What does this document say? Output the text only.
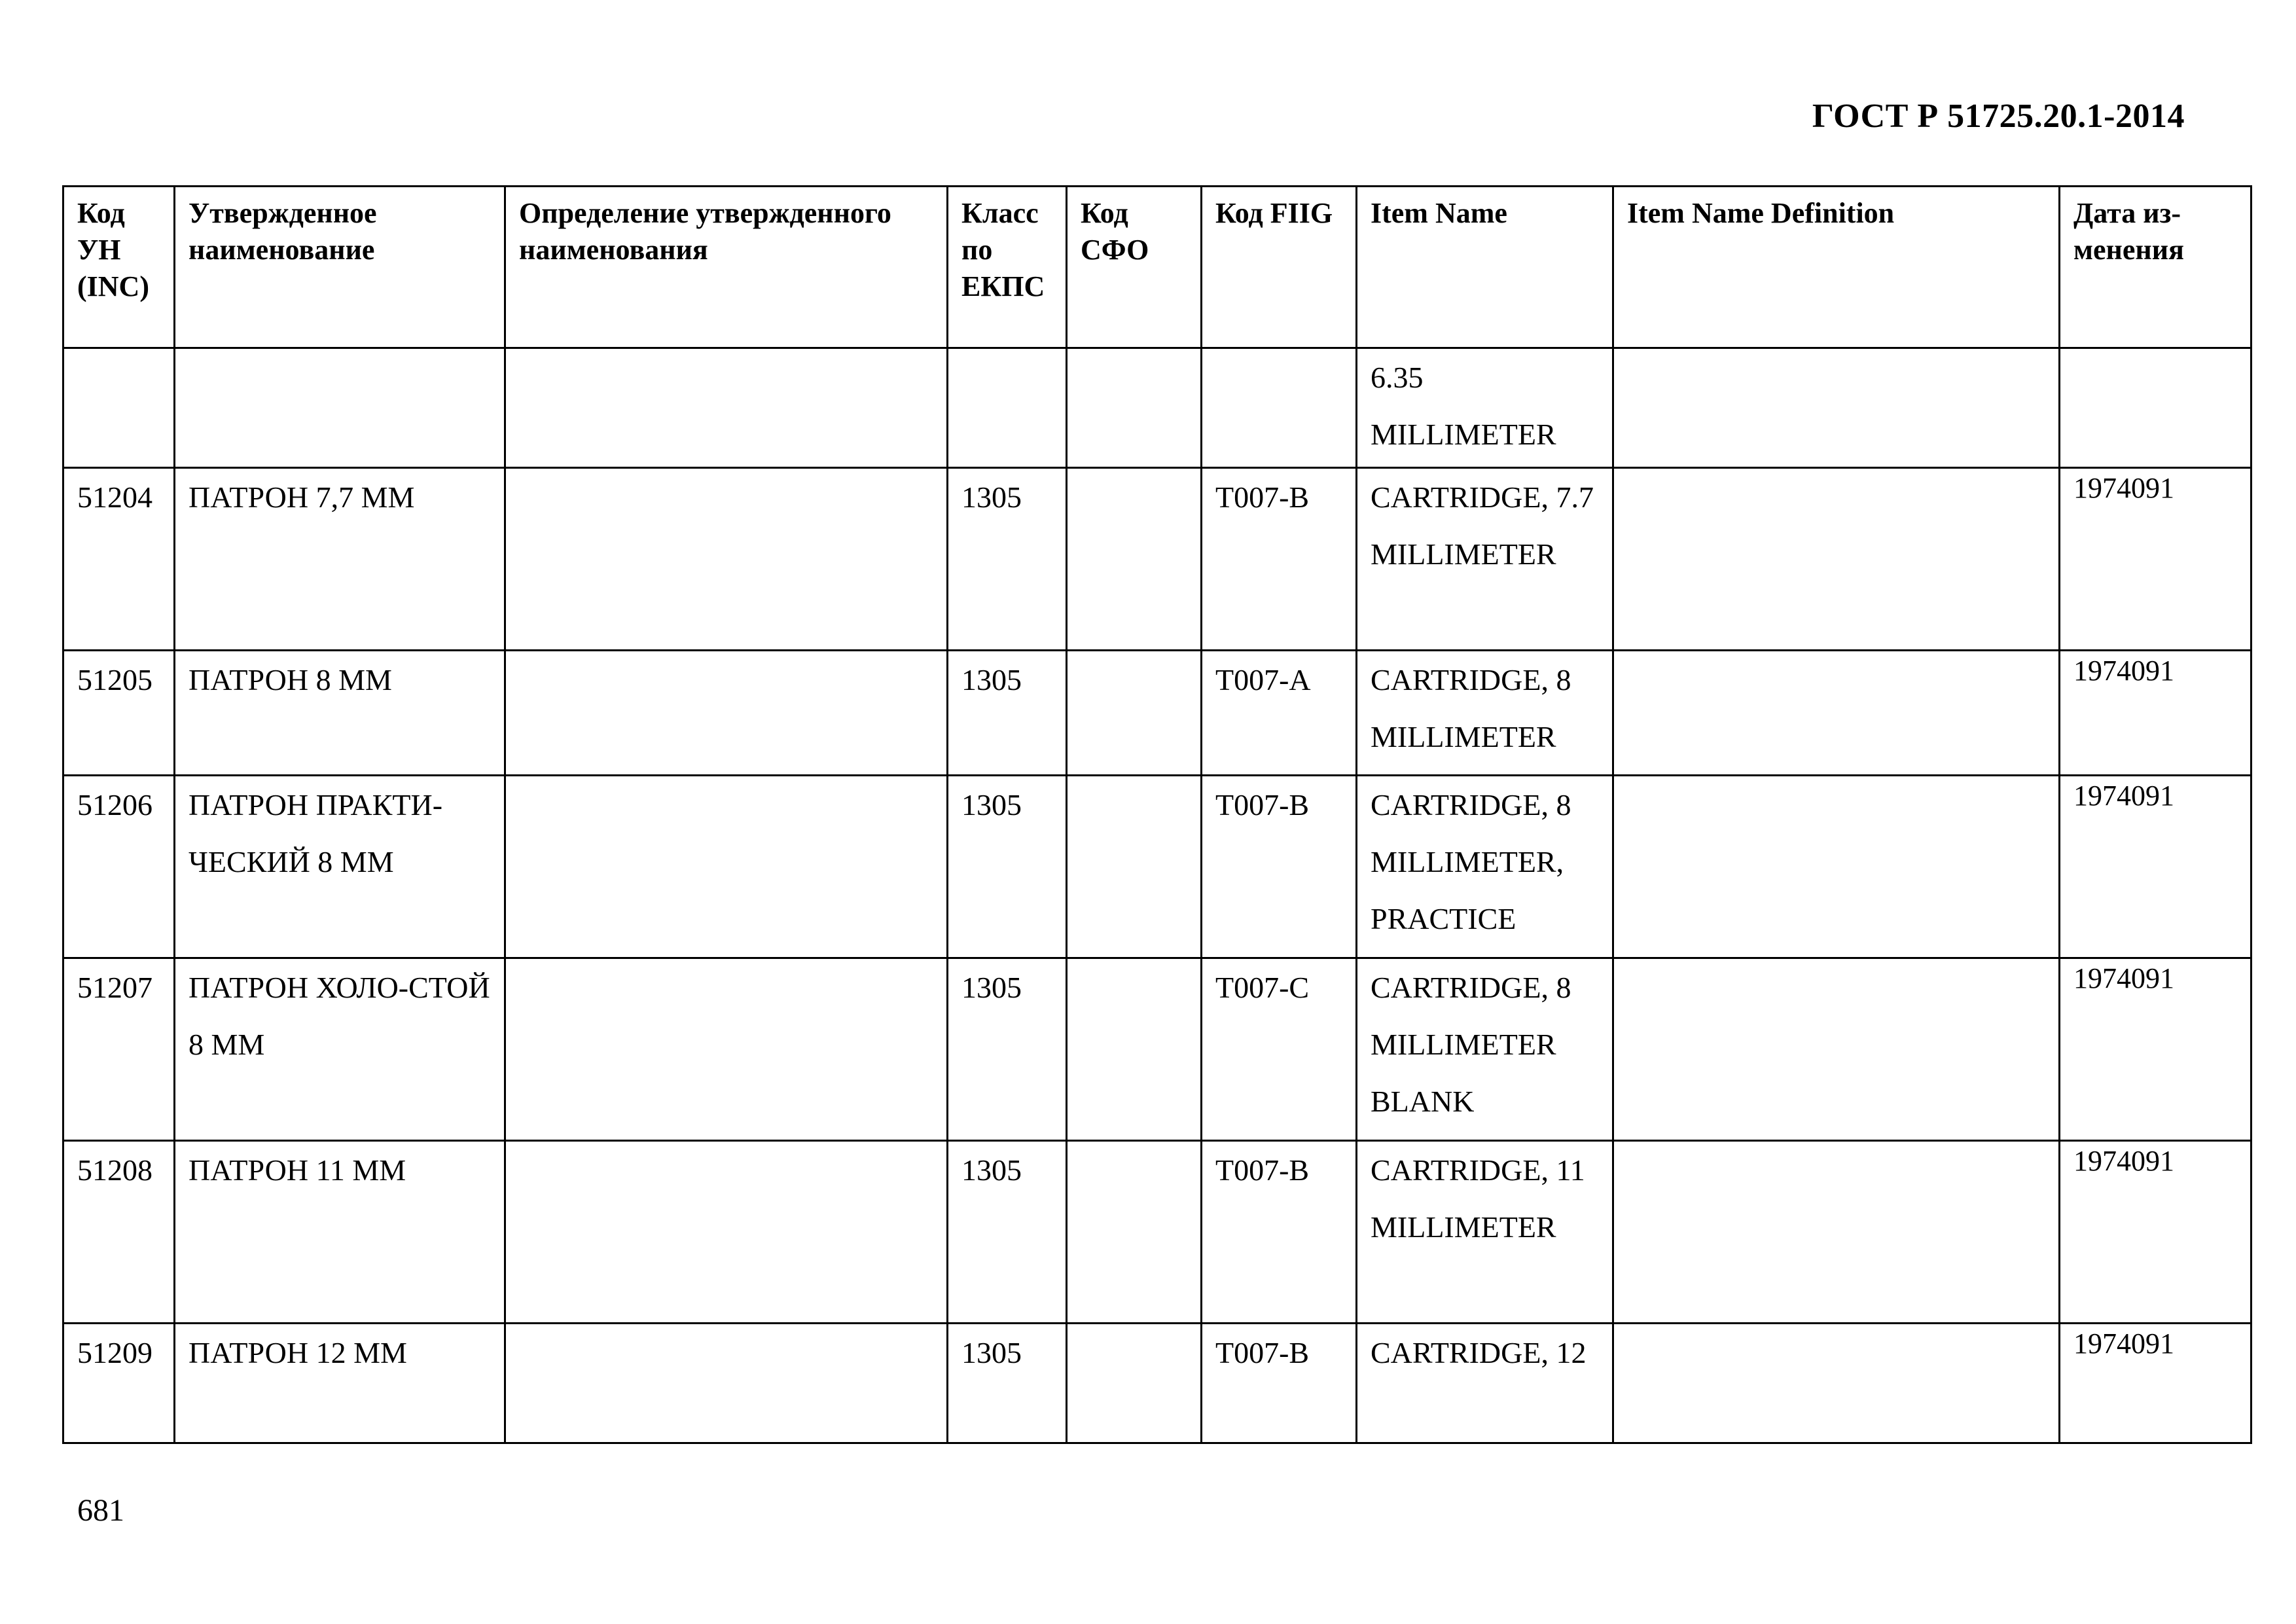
ГОСТ Р 51725.20.1-2014
Код УН (INC)	Утвержденное наименование	Определение утвержденного наименования	Класс по ЕКПС	Код СФО	Код FIIG	Item Name	Item Name Definition	Дата из-менения
						6.35 MILLIMETER		
51204	ПАТРОН 7,7 ММ		1305		T007-B	CARTRIDGE, 7.7 MILLIMETER		1974091
51205	ПАТРОН 8 ММ		1305		T007-A	CARTRIDGE, 8 MILLIMETER		1974091
51206	ПАТРОН ПРАКТИ-ЧЕСКИЙ 8 ММ		1305		T007-B	CARTRIDGE, 8 MILLIMETER, PRACTICE		1974091
51207	ПАТРОН ХОЛО-СТОЙ 8 ММ		1305		T007-C	CARTRIDGE, 8 MILLIMETER BLANK		1974091
51208	ПАТРОН 11 ММ		1305		T007-B	CARTRIDGE, 11 MILLIMETER		1974091
51209	ПАТРОН 12 ММ		1305		T007-B	CARTRIDGE, 12		1974091
681
